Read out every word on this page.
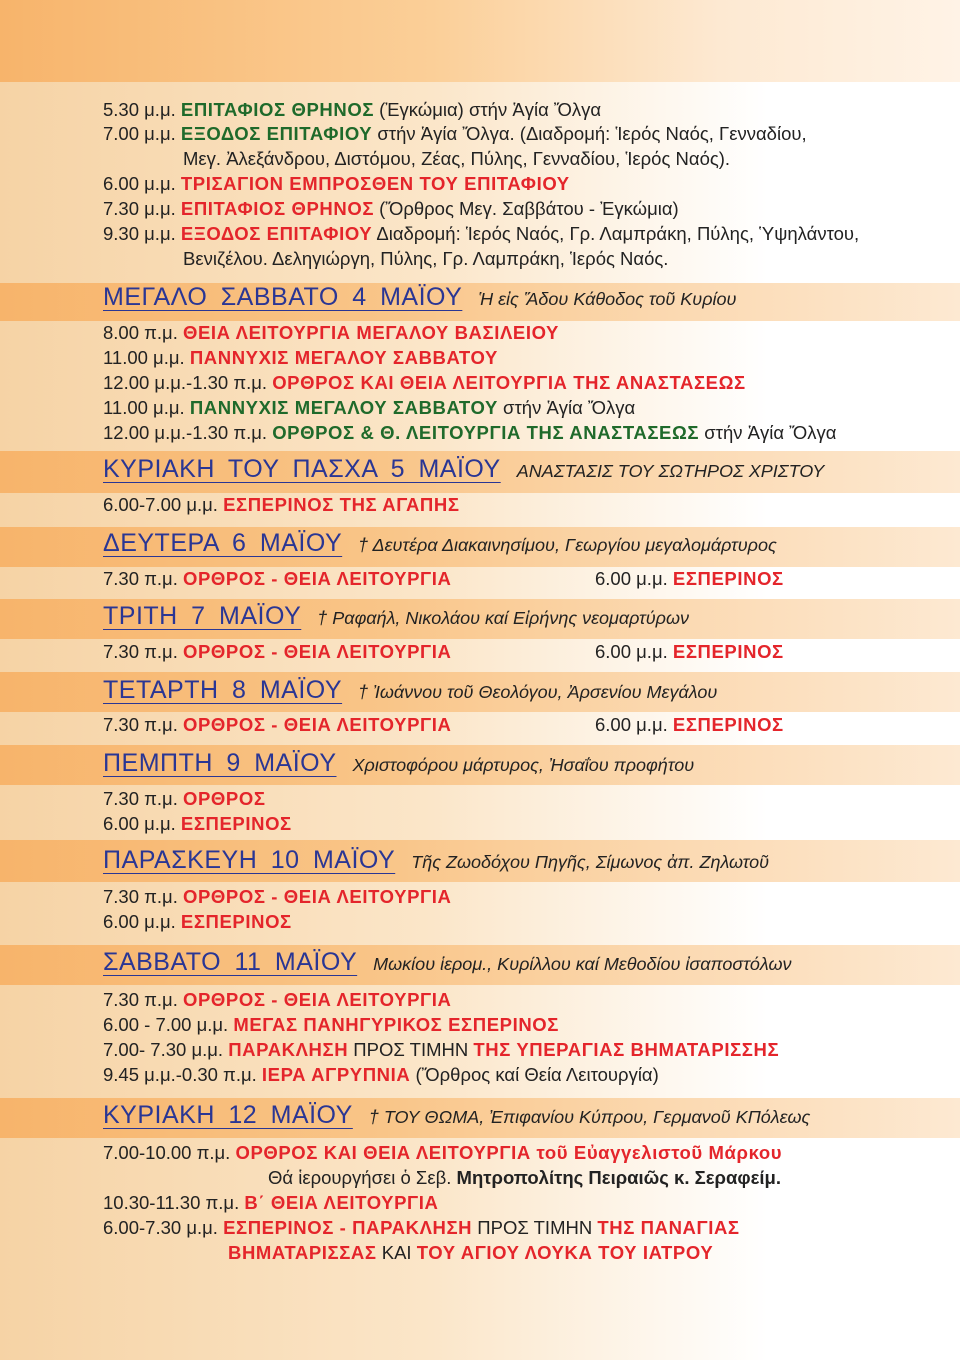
5.30 μ.μ. ΕΠΙΤΑΦΙΟΣ ΘΡΗΝΟΣ (Ἐγκώμια) στήν Ἁγία Ὄλγα
7.00 μ.μ. ΕΞΟΔΟΣ ΕΠΙΤΑΦΙΟΥ στήν Ἁγία Ὄλγα. (Διαδρομή: Ἱερός Ναός, Γενναδίου,
Μεγ. Ἀλεξάνδρου, Διστόμου, Ζέας, Πύλης, Γενναδίου, Ἱερός Ναός).
6.00 μ.μ. ΤΡΙΣΑΓΙΟΝ ΕΜΠΡΟΣΘΕΝ ΤΟΥ ΕΠΙΤΑΦΙΟΥ
7.30 μ.μ. ΕΠΙΤΑΦΙΟΣ ΘΡΗΝΟΣ (Ὄρθρος Μεγ. Σαββάτου - Ἐγκώμια)
9.30 μ.μ. ΕΞΟΔΟΣ ΕΠΙΤΑΦΙΟΥ Διαδρομή: Ἱερός Ναός, Γρ. Λαμπράκη, Πύλης, Ὑψηλάντου,
Βενιζέλου. Δεληγιώργη, Πύλης, Γρ. Λαμπράκη, Ἱερός Ναός.
ΜΕΓΑΛΟ ΣΑΒΒΑΤΟ 4 ΜΑΪΟΥ Ἡ εἰς Ἅδου Κάθοδος τοῦ Κυρίου
8.00 π.μ. ΘΕΙΑ ΛΕΙΤΟΥΡΓΙΑ ΜΕΓΑΛΟΥ ΒΑΣΙΛΕΙΟΥ
11.00 μ.μ. ΠΑΝΝΥΧΙΣ ΜΕΓΑΛΟΥ ΣΑΒΒΑΤΟΥ
12.00 μ.μ.-1.30 π.μ. ΟΡΘΡΟΣ ΚΑΙ ΘΕΙΑ ΛΕΙΤΟΥΡΓΙΑ ΤΗΣ ΑΝΑΣΤΑΣΕΩΣ
11.00 μ.μ. ΠΑΝΝΥΧΙΣ ΜΕΓΑΛΟΥ ΣΑΒΒΑΤΟΥ στήν Ἁγία Ὄλγα
12.00 μ.μ.-1.30 π.μ. ΟΡΘΡΟΣ & Θ. ΛΕΙΤΟΥΡΓΙΑ ΤΗΣ ΑΝΑΣΤΑΣΕΩΣ στήν Ἁγία Ὄλγα
ΚΥΡΙΑΚΗ ΤΟΥ ΠΑΣΧΑ 5 ΜΑΪΟΥ ΑΝΑΣΤΑΣΙΣ ΤΟΥ ΣΩΤΗΡΟΣ ΧΡΙΣΤΟΥ
6.00-7.00 μ.μ. ΕΣΠΕΡΙΝΟΣ ΤΗΣ ΑΓΑΠΗΣ
ΔΕΥΤΕΡΑ 6 ΜΑΪΟΥ † Δευτέρα Διακαινησίμου, Γεωργίου μεγαλομάρτυρος
7.30 π.μ. ΟΡΘΡΟΣ - ΘΕΙΑ ΛΕΙΤΟΥΡΓΙΑ	6.00 μ.μ. ΕΣΠΕΡΙΝΟΣ
ΤΡΙΤΗ 7 ΜΑΪΟΥ † Ραφαήλ, Νικολάου καί Εἰρήνης νεομαρτύρων
7.30 π.μ. ΟΡΘΡΟΣ - ΘΕΙΑ ΛΕΙΤΟΥΡΓΙΑ	6.00 μ.μ. ΕΣΠΕΡΙΝΟΣ
ΤΕΤΑΡΤΗ 8 ΜΑΪΟΥ † Ἰωάννου τοῦ Θεολόγου, Ἀρσενίου Μεγάλου
7.30 π.μ. ΟΡΘΡΟΣ - ΘΕΙΑ ΛΕΙΤΟΥΡΓΙΑ	6.00 μ.μ. ΕΣΠΕΡΙΝΟΣ
ΠΕΜΠΤΗ 9 ΜΑΪΟΥ Χριστοφόρου μάρτυρος, Ἠσαΐου προφήτου
7.30 π.μ. ΟΡΘΡΟΣ
6.00 μ.μ. ΕΣΠΕΡΙΝΟΣ
ΠΑΡΑΣΚΕΥΗ 10 ΜΑΪΟΥ Τῆς Ζωοδόχου Πηγῆς, Σίμωνος ἀπ. Ζηλωτοῦ
7.30 π.μ. ΟΡΘΡΟΣ - ΘΕΙΑ ΛΕΙΤΟΥΡΓΙΑ
6.00 μ.μ. ΕΣΠΕΡΙΝΟΣ
ΣΑΒΒΑΤΟ 11 ΜΑΪΟΥ Μωκίου ἱερομ., Κυρίλλου καί Μεθοδίου ἰσαποστόλων
7.30 π.μ. ΟΡΘΡΟΣ - ΘΕΙΑ ΛΕΙΤΟΥΡΓΙΑ
6.00 - 7.00 μ.μ. ΜΕΓΑΣ ΠΑΝΗΓΥΡΙΚΟΣ ΕΣΠΕΡΙΝΟΣ
7.00- 7.30 μ.μ. ΠΑΡΑΚΛΗΣΗ ΠΡΟΣ ΤΙΜΗΝ ΤΗΣ ΥΠΕΡΑΓΙΑΣ ΒΗΜΑΤΑΡΙΣΣΗΣ
9.45 μ.μ.-0.30 π.μ. ΙΕΡΑ ΑΓΡΥΠΝΙΑ (Ὄρθρος καί Θεία Λειτουργία)
ΚΥΡΙΑΚΗ 12 ΜΑΪΟΥ † ΤΟΥ ΘΩΜΑ, Ἐπιφανίου Κύπρου, Γερμανοῦ ΚΠόλεως
7.00-10.00 π.μ. ΟΡΘΡΟΣ ΚΑΙ ΘΕΙΑ ΛΕΙΤΟΥΡΓΙΑ τοῦ Εὐαγγελιστοῦ Μάρκου
Θά ἱερουργήσει ὁ Σεβ. Μητροπολίτης Πειραιῶς κ. Σεραφείμ.
10.30-11.30 π.μ. Β΄ ΘΕΙΑ ΛΕΙΤΟΥΡΓΙΑ
6.00-7.30 μ.μ. ΕΣΠΕΡΙΝΟΣ - ΠΑΡΑΚΛΗΣΗ ΠΡΟΣ ΤΙΜΗΝ ΤΗΣ ΠΑΝΑΓΙΑΣ
ΒΗΜΑΤΑΡΙΣΣΑΣ ΚΑΙ ΤΟΥ ΑΓΙΟΥ ΛΟΥΚΑ ΤΟΥ ΙΑΤΡΟΥ
